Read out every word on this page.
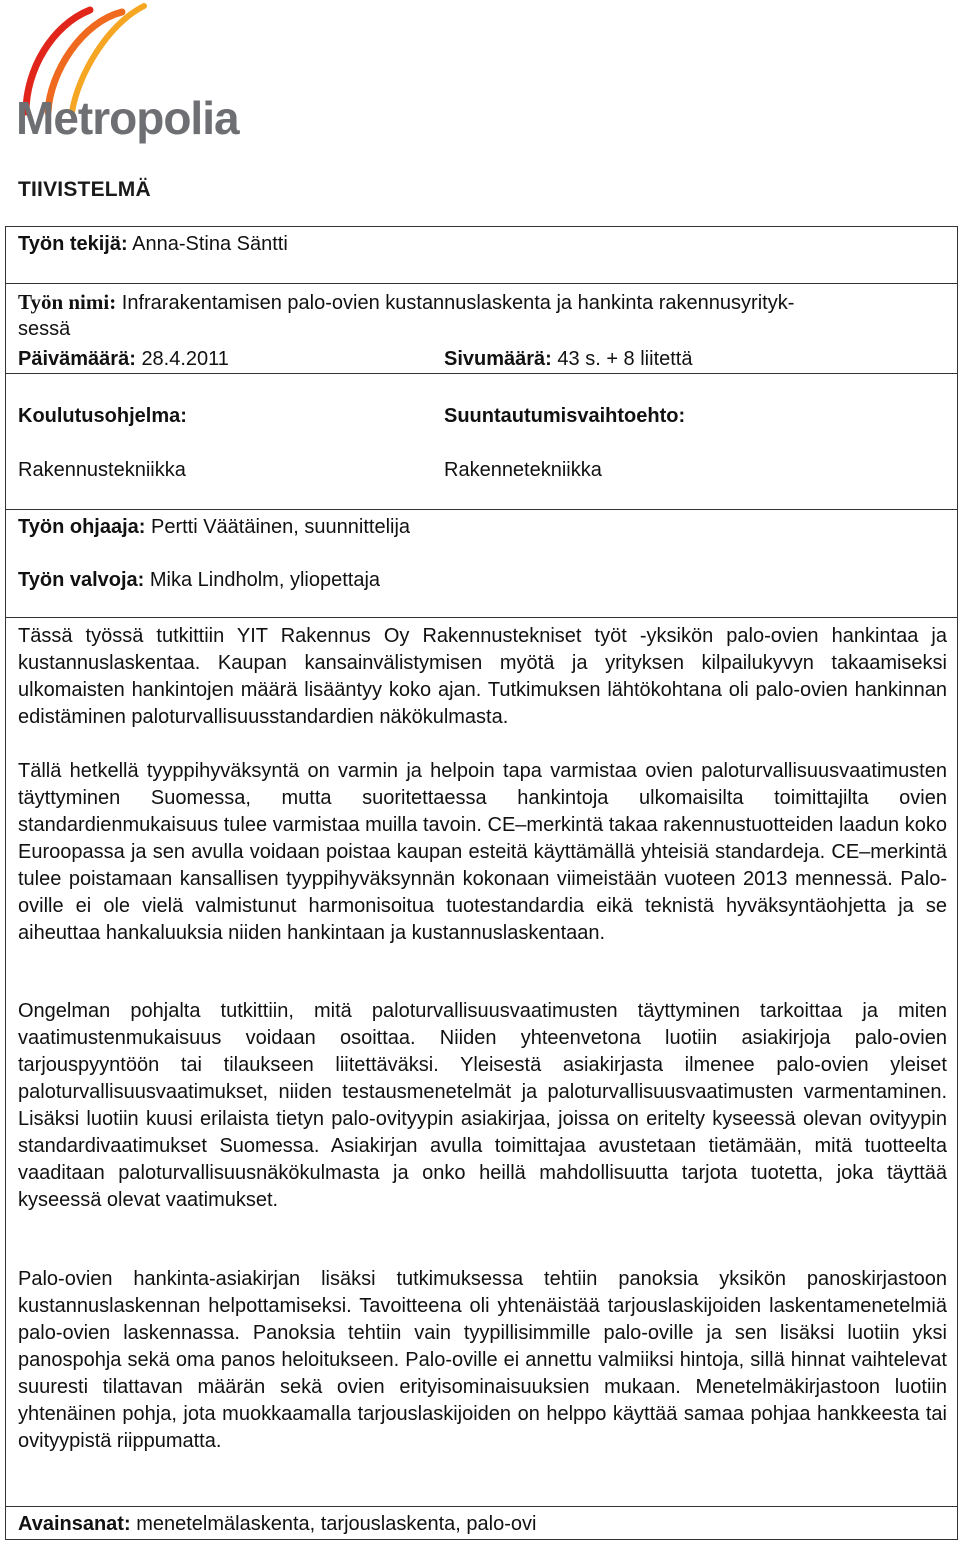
Metropolia
TIIVISTELMÄ
Työn tekijä: Anna-Stina Säntti
Työn nimi: Infrarakentamisen palo-ovien kustannuslaskenta ja hankinta rakennusyrityk-
sessä
Päivämäärä: 28.4.2011	Sivumäärä: 43 s. + 8 liitettä
Koulutusohjelma:	Suuntautumisvaihtoehto:
Rakennustekniikka	Rakennetekniikka
Työn ohjaaja: Pertti Väätäinen, suunnittelija
Työn valvoja: Mika Lindholm, yliopettaja

Tässä työssä tutkittiin YIT Rakennus Oy Rakennustekniset työt -yksikön palo-ovien hankintaa ja kustannuslaskentaa. Kaupan kansainvälistymisen myötä ja yrityksen kilpailukyvyn takaamiseksi ulkomaisten hankintojen määrä lisääntyy koko ajan. Tutkimuksen lähtökohtana oli palo-ovien hankinnan edistäminen paloturvallisuusstandardien näkökulmasta.

Tällä hetkellä tyyppihyväksyntä on varmin ja helpoin tapa varmistaa ovien paloturvallisuusvaatimusten täyttyminen Suomessa, mutta suoritettaessa hankintoja ulkomaisilta toimittajilta ovien standardienmukaisuus tulee varmistaa muilla tavoin. CE–merkintä takaa rakennustuotteiden laadun koko Euroopassa ja sen avulla voidaan poistaa kaupan esteitä käyttämällä yhteisiä standardeja. CE–merkintä tulee poistamaan kansallisen tyyppihyväksynnän kokonaan viimeistään vuoteen 2013 mennessä. Palo-oville ei ole vielä valmistunut harmonisoitua tuotestandardia eikä teknistä hyväksyntäohjetta ja se aiheuttaa hankaluuksia niiden hankintaan ja kustannuslaskentaan.

Ongelman pohjalta tutkittiin, mitä paloturvallisuusvaatimusten täyttyminen tarkoittaa ja miten vaatimustenmukaisuus voidaan osoittaa. Niiden yhteenvetona luotiin asiakirjoja palo-ovien tarjouspyyntöön tai tilaukseen liitettäväksi. Yleisestä asiakirjasta ilmenee palo-ovien yleiset paloturvallisuusvaatimukset, niiden testausmenetelmät ja paloturvallisuusvaatimusten varmentaminen. Lisäksi luotiin kuusi erilaista tietyn palo-ovityypin asiakirjaa, joissa on eritelty kyseessä olevan ovityypin standardivaatimukset Suomessa. Asiakirjan avulla toimittajaa avustetaan tietämään, mitä tuotteelta vaaditaan paloturvallisuusnäkökulmasta ja onko heillä mahdollisuutta tarjota tuotetta, joka täyttää kyseessä olevat vaatimukset.

Palo-ovien hankinta-asiakirjan lisäksi tutkimuksessa tehtiin panoksia yksikön panoskirjastoon kustannuslaskennan helpottamiseksi. Tavoitteena oli yhtenäistää tarjouslaskijoiden laskentamenetelmiä palo-ovien laskennassa. Panoksia tehtiin vain tyypillisimmille palo-oville ja sen lisäksi luotiin yksi panospohja sekä oma panos heloitukseen. Palo-oville ei annettu valmiiksi hintoja, sillä hinnat vaihtelevat suuresti tilattavan määrän sekä ovien erityisominaisuuksien mukaan. Menetelmäkirjastoon luotiin yhtenäinen pohja, jota muokkaamalla tarjouslaskijoiden on helppo käyttää samaa pohjaa hankkeesta tai ovityypistä riippumatta.

Avainsanat: menetelmälaskenta, tarjouslaskenta, palo-ovi
